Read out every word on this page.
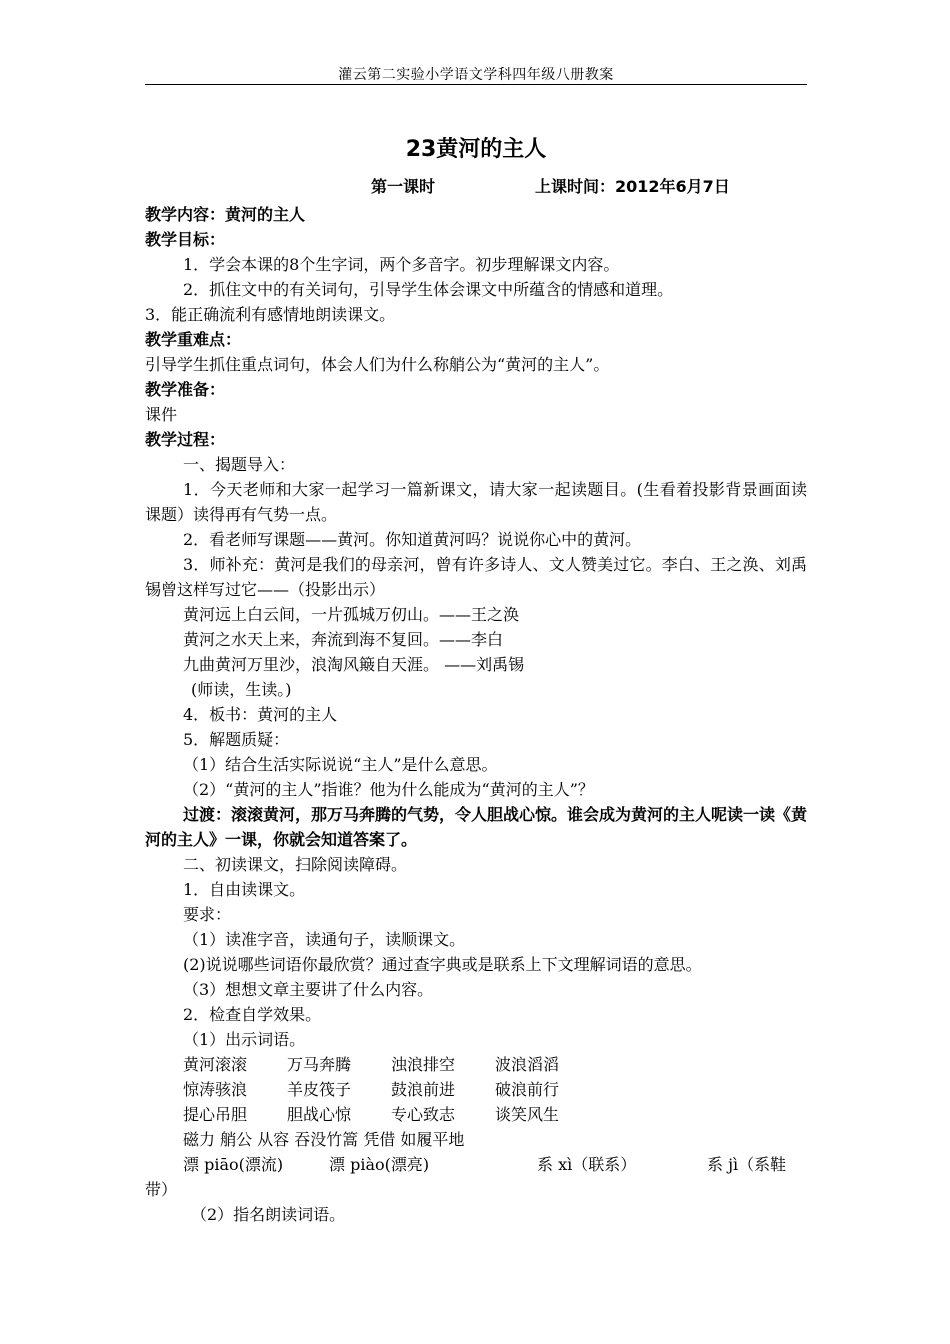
灌云第二实验小学语文学科四年级八册教案
23黄河的主人
第一课时	上课时间：2012年6月7日
教学内容：黄河的主人
教学目标：
1．学会本课的8个生字词，两个多音字。初步理解课文内容。
2．抓住文中的有关词句，引导学生体会课文中所蕴含的情感和道理。
3．能正确流利有感情地朗读课文。
教学重难点：
引导学生抓住重点词句，体会人们为什么称艄公为“黄河的主人”。
教学准备：
课件
教学过程：
一、揭题导入：
1．今天老师和大家一起学习一篇新课文，请大家一起读题目。(生看着投影背景画面读课题）读得再有气势一点。
2．看老师写课题——黄河。你知道黄河吗？说说你心中的黄河。
3．师补充：黄河是我们的母亲河，曾有许多诗人、文人赞美过它。李白、王之涣、刘禹锡曾这样写过它——（投影出示）
黄河远上白云间，一片孤城万仞山。——王之涣
黄河之水天上来，奔流到海不复回。——李白
九曲黄河万里沙，浪淘风簸自天涯。 ——刘禹锡
(师读，生读。)
4．板书：黄河的主人
5．解题质疑：
（1）结合生活实际说说“主人”是什么意思。
（2）“黄河的主人”指谁？他为什么能成为“黄河的主人”？
过渡：滚滚黄河，那万马奔腾的气势，令人胆战心惊。谁会成为黄河的主人呢读一读《黄河的主人》一课，你就会知道答案了。
二、初读课文，扫除阅读障碍。
1．自由读课文。
要求：
（1）读准字音，读通句子，读顺课文。
(2)说说哪些词语你最欣赏？通过查字典或是联系上下文理解词语的意思。
（3）想想文章主要讲了什么内容。
2．检查自学效果。
（1）出示词语。
黄河滚滚	万马奔腾	浊浪排空	波浪滔滔
惊涛骇浪	羊皮筏子	鼓浪前进	破浪前行
提心吊胆	胆战心惊	专心致志	谈笑风生
磁力 艄公 从容 吞没竹篙 凭借 如履平地
漂 piāo(漂流)	漂 piào(漂亮)	系 xì（联系）	系 jì（系鞋
带）
（2）指名朗读词语。
